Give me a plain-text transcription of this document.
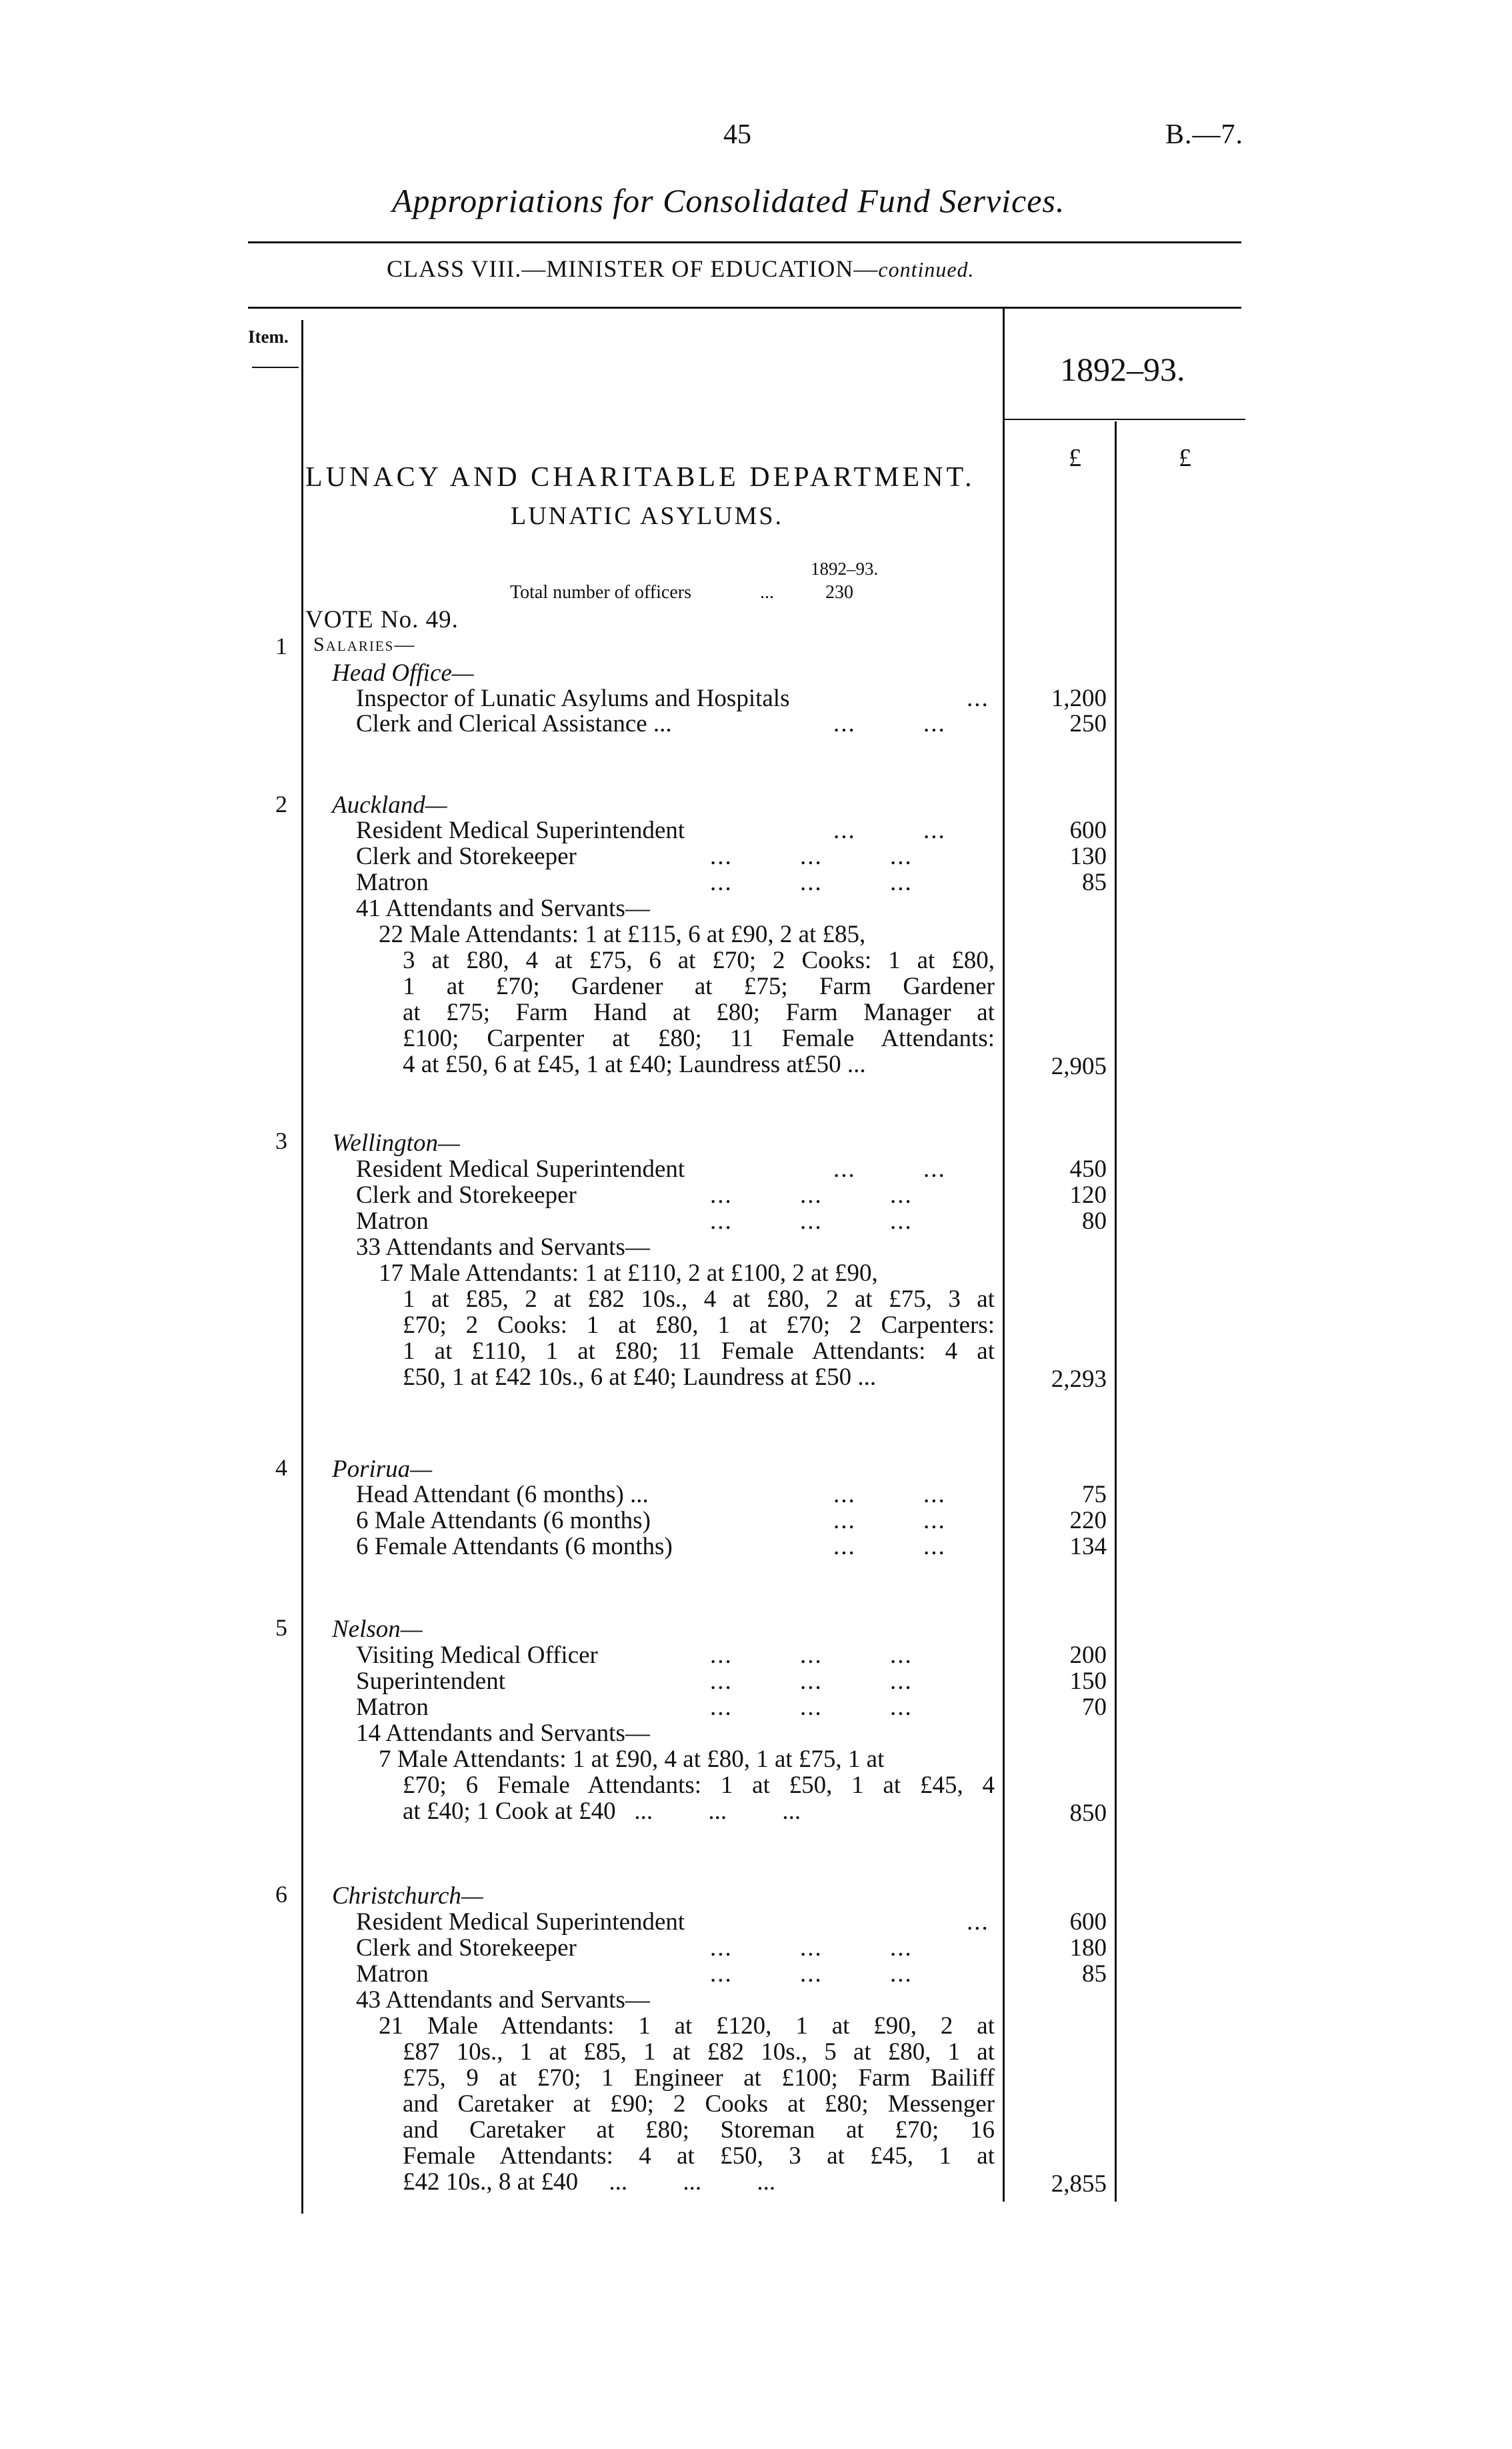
45	B.—7.
Appropriations for Consolidated Fund Services.
CLASS VIII.—MINISTER OF EDUCATION—continued.
Item.
1892–93.
£	£
LUNACY AND CHARITABLE DEPARTMENT.
LUNATIC ASYLUMS.
1892–93.
Total number of officers	...	230
VOTE No. 49.
1	Salaries—
Head Office—
Inspector of Lunatic Asylums and Hospitals	...	1,200
Clerk and Clerical Assistance ...	...         ...	250
2 Auckland—
Resident Medical Superintendent	...         ...	600
Clerk and Storekeeper	...         ...         ...	130
Matron	...         ...         ...	85
41 Attendants and Servants—
22 Male Attendants: 1 at £115, 6 at £90, 2 at £85,
3 at £80, 4 at £75, 6 at £70; 2 Cooks: 1 at £80,
1 at £70; Gardener at £75; Farm Gardener
at £75; Farm Hand at £80; Farm Manager at
£100; Carpenter at £80; 11 Female Attendants:
4 at £50, 6 at £45, 1 at £40; Laundress at£50 ...	2,905
3 Wellington—
Resident Medical Superintendent	...         ...	450
Clerk and Storekeeper	...         ...         ...	120
Matron	...         ...         ...	80
33 Attendants and Servants—
17 Male Attendants: 1 at £110, 2 at £100, 2 at £90,
1 at £85, 2 at £82 10s., 4 at £80, 2 at £75, 3 at
£70; 2 Cooks: 1 at £80, 1 at £70; 2 Carpenters:
1 at £110, 1 at £80; 11 Female Attendants: 4 at
£50, 1 at £42 10s., 6 at £40; Laundress at £50 ...	2,293
4 Porirua—
Head Attendant (6 months) ...	...         ...	75
6 Male Attendants (6 months)	...         ...	220
6 Female Attendants (6 months)	...         ...	134
5 Nelson—
Visiting Medical Officer	...         ...         ...	200
Superintendent	...         ...         ...	150
Matron	...         ...         ...	70
14 Attendants and Servants—
7 Male Attendants: 1 at £90, 4 at £80, 1 at £75, 1 at
£70; 6 Female Attendants: 1 at £50, 1 at £45, 4
at £40; 1 Cook at £40   ...         ...         ...	850
6 Christchurch—
Resident Medical Superintendent	...	600
Clerk and Storekeeper	...         ...         ...	180
Matron	...         ...         ...	85
43 Attendants and Servants—
21 Male Attendants: 1 at £120, 1 at £90, 2 at
£87 10s., 1 at £85, 1 at £82 10s., 5 at £80, 1 at
£75, 9 at £70; 1 Engineer at £100; Farm Bailiff
and Caretaker at £90; 2 Cooks at £80; Messenger
and Caretaker at £80; Storeman at £70; 16
Female Attendants: 4 at £50, 3 at £45, 1 at
£42 10s., 8 at £40     ...         ...         ...	2,855
